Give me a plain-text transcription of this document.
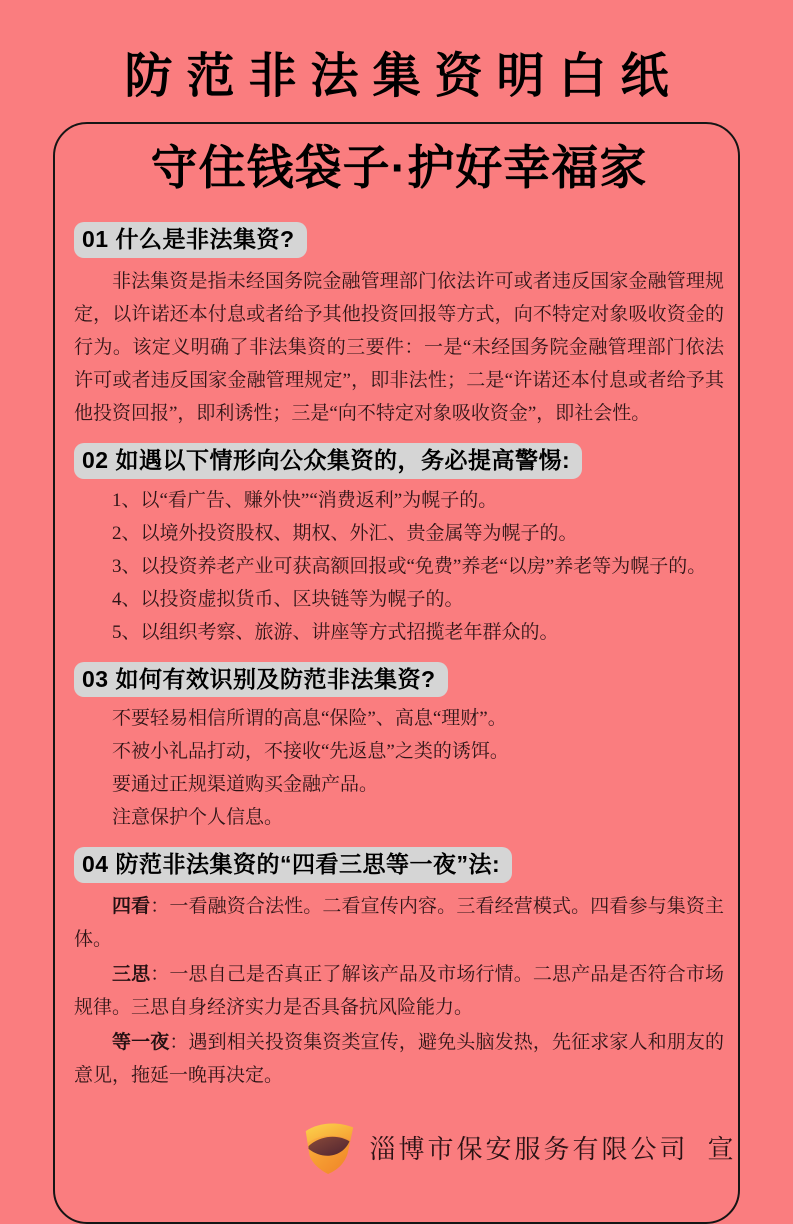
防范非法集资明白纸
守住钱袋子·护好幸福家
01 什么是非法集资?

非法集资是指未经国务院金融管理部门依法许可或者违反国家金融管理规定，以许诺还本付息或者给予其他投资回报等方式，向不特定对象吸收资金的行为。该定义明确了非法集资的三要件：一是“未经国务院金融管理部门依法许可或者违反国家金融管理规定”，即非法性；二是“许诺还本付息或者给予其他投资回报”，即利诱性；三是“向不特定对象吸收资金”，即社会性。

02 如遇以下情形向公众集资的，务必提高警惕:

1、以“看广告、赚外快”“消费返利”为幌子的。

2、以境外投资股权、期权、外汇、贵金属等为幌子的。

3、以投资养老产业可获高额回报或“免费”养老“以房”养老等为幌子的。

4、以投资虚拟货币、区块链等为幌子的。

5、以组织考察、旅游、讲座等方式招揽老年群众的。

03 如何有效识别及防范非法集资?

不要轻易相信所谓的高息“保险”、高息“理财”。

不被小礼品打动，不接收“先返息”之类的诱饵。

要通过正规渠道购买金融产品。

注意保护个人信息。

04 防范非法集资的“四看三思等一夜”法:

四看：一看融资合法性。二看宣传内容。三看经营模式。四看参与集资主体。

三思：一思自己是否真正了解该产品及市场行情。二思产品是否符合市场规律。三思自身经济实力是否具备抗风险能力。

等一夜：遇到相关投资集资类宣传，避免头脑发热，先征求家人和朋友的意见，拖延一晚再决定。

淄博市保安服务有限公司  宣
